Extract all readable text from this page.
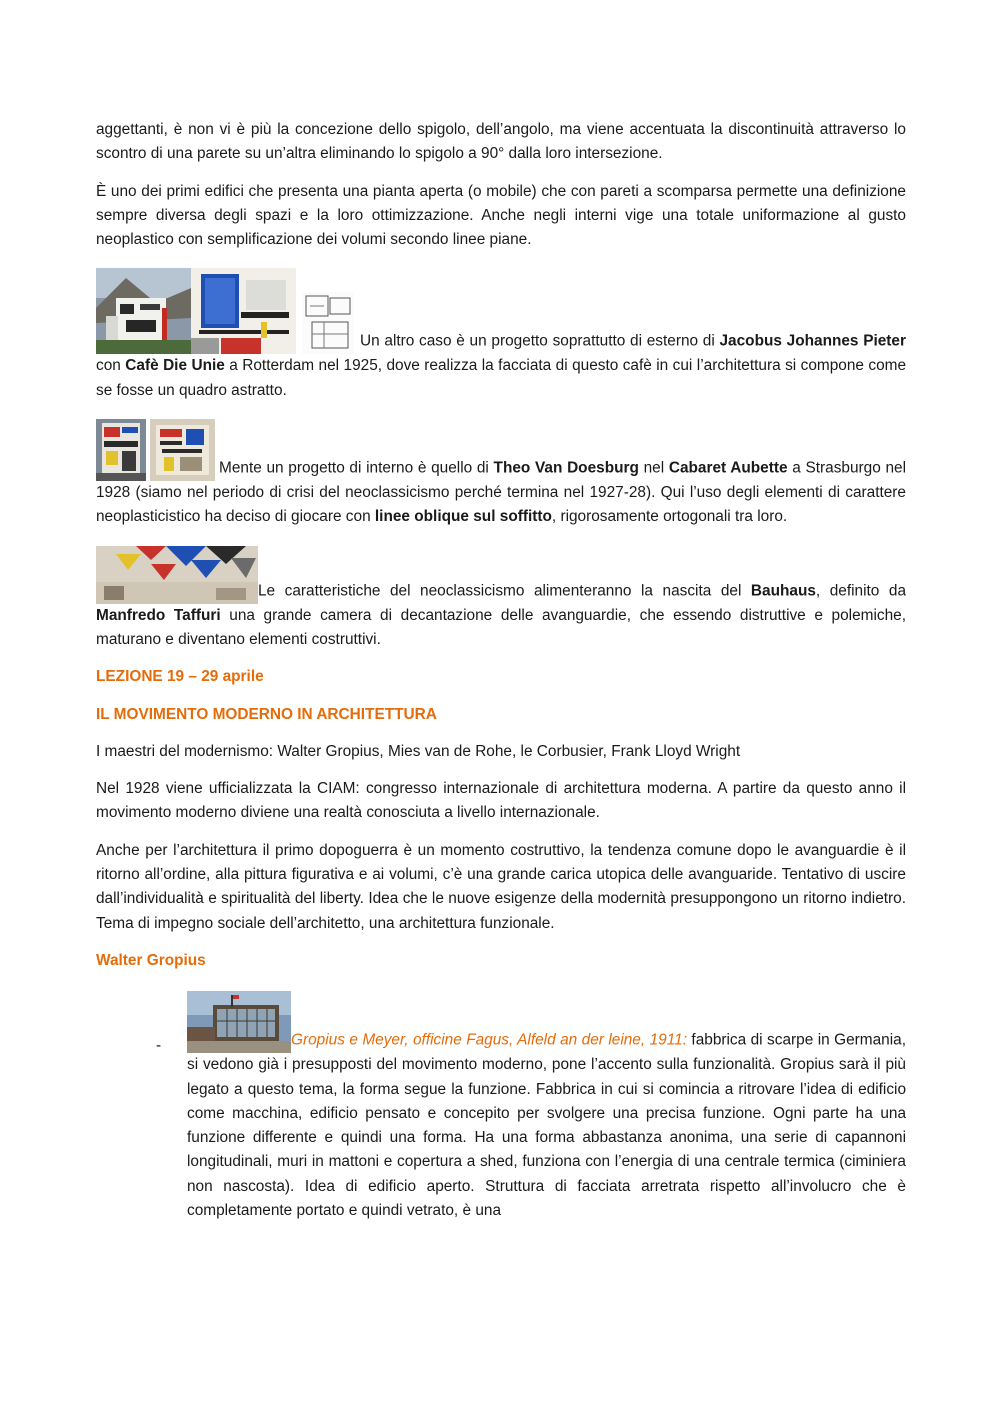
aggettanti, è non vi è più la concezione dello spigolo, dell’angolo, ma viene accentuata la discontinuità attraverso lo scontro di una parete su un’altra eliminando lo spigolo a 90° dalla loro intersezione.

È uno dei primi edifici che presenta una pianta aperta (o mobile) che con pareti a scomparsa permette una definizione sempre diversa degli spazi e la loro ottimizzazione. Anche negli interni vige una totale uniformazione al gusto neoplastico con semplificazione dei volumi secondo linee piane.

Un altro caso è un progetto soprattutto di esterno di Jacobus Johannes Pieter con Cafè Die Unie a Rotterdam nel 1925, dove realizza la facciata di questo cafè in cui l’architettura si compone come se fosse un quadro astratto.

Mente un progetto di interno è quello di Theo Van Doesburg nel Cabaret Aubette a Strasburgo nel 1928 (siamo nel periodo di crisi del neoclassicismo perché termina nel 1927-28). Qui l’uso degli elementi di carattere neoplasticistico ha deciso di giocare con linee oblique sul soffitto, rigorosamente ortogonali tra loro.

Le caratteristiche del neoclassicismo alimenteranno la nascita del Bauhaus, definito da Manfredo Taffuri una grande camera di decantazione delle avanguardie, che essendo distruttive e polemiche, maturano e diventano elementi costruttivi.

LEZIONE 19 – 29 aprile

IL MOVIMENTO MODERNO IN ARCHITETTURA

I maestri del modernismo: Walter Gropius, Mies van de Rohe, le Corbusier, Frank Lloyd Wright

Nel 1928 viene ufficializzata la CIAM: congresso internazionale di architettura moderna. A partire da questo anno il movimento moderno diviene una realtà conosciuta a livello internazionale.

Anche per l’architettura il primo dopoguerra è un momento costruttivo, la tendenza comune dopo le avanguardie è il ritorno all’ordine, alla pittura figurativa e ai volumi, c’è una grande carica utopica delle avanguaride. Tentativo di uscire dall’individualità e spiritualità del liberty. Idea che le nuove esigenze della modernità presuppongono un ritorno indietro. Tema di impegno sociale dell’architetto, una architettura funzionale.

Walter Gropius

-	Gropius e Meyer, officine Fagus, Alfeld an der leine, 1911: fabbrica di scarpe in Germania, si vedono già i presupposti del movimento moderno, pone l’accento sulla funzionalità. Gropius sarà il più legato a questo tema, la forma segue la funzione. Fabbrica in cui si comincia a ritrovare l’idea di edificio come macchina, edificio pensato e concepito per svolgere una precisa funzione. Ogni parte ha una funzione differente e quindi una forma. Ha una forma abbastanza anonima, una serie di capannoni longitudinali, muri in mattoni e copertura a shed, funziona con l’energia di una centrale termica (ciminiera non nascosta). Idea di edificio aperto. Struttura di facciata arretrata rispetto all’involucro che è completamente portato e quindi vetrato, è una
